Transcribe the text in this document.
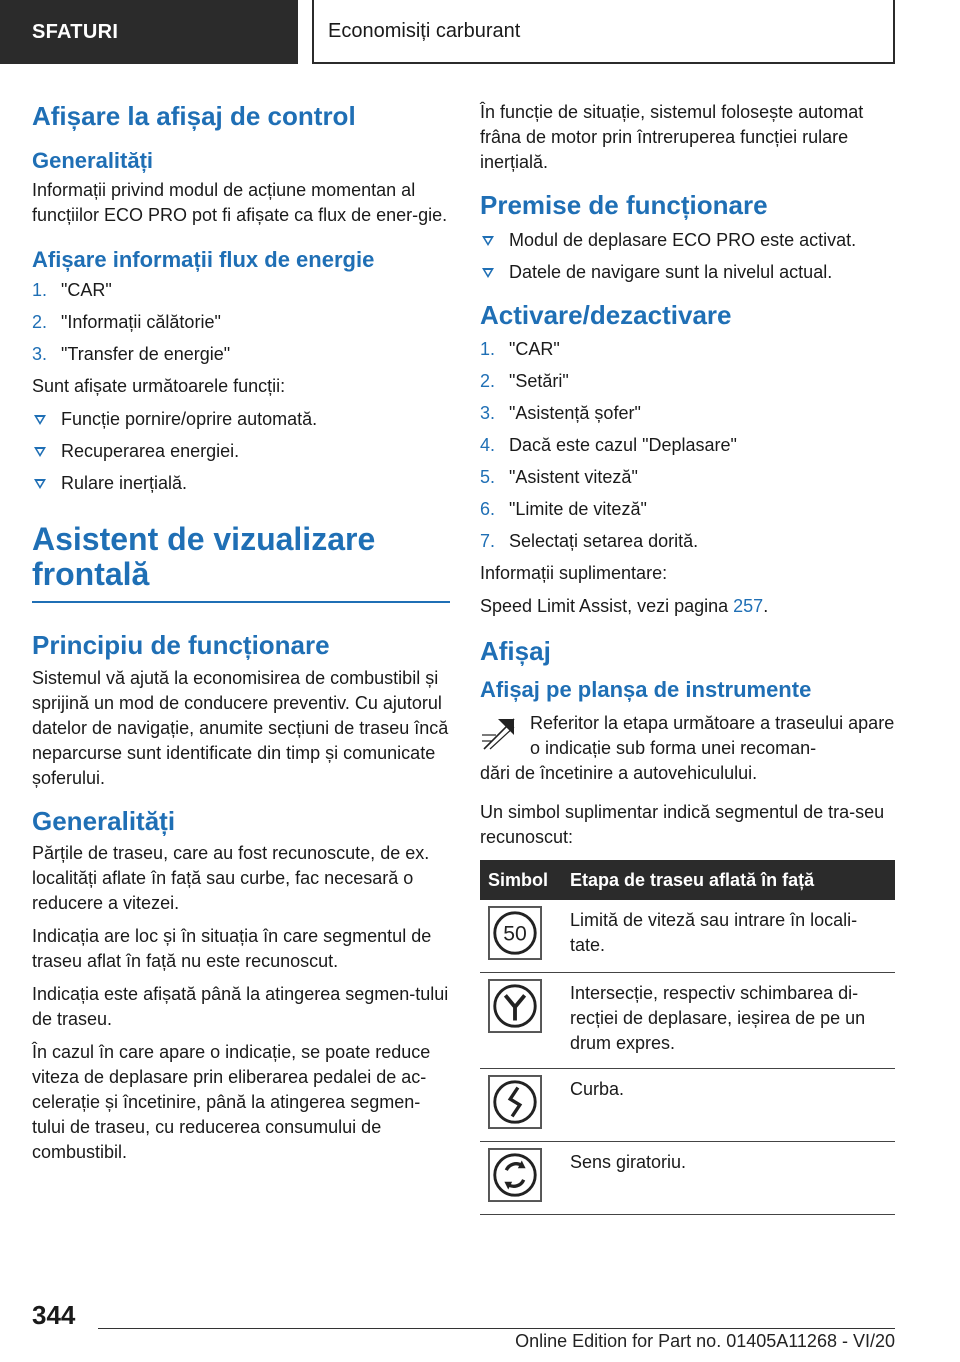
SFATURI	Economisiți carburant
Afișare la afișaj de control
Generalități

Informații privind modul de acțiune momentan al funcțiilor ECO PRO pot fi afișate ca flux de ener-gie.

Afișare informații flux de energie
1. "CAR"
2. "Informații călătorie"
3. "Transfer de energie"

Sunt afișate următoarele funcții:

Funcție pornire/oprire automată.
Recuperarea energiei.
Rulare inerțială.
Asistent de vizualizare frontală
Principiu de funcționare

Sistemul vă ajută la economisirea de combustibil și sprijină un mod de conducere preventiv. Cu ajutorul datelor de navigație, anumite secțiuni de traseu încă neparcurse sunt identificate din timp și comunicate șoferului.

Generalități

Părțile de traseu, care au fost recunoscute, de ex. localități aflate în față sau curbe, fac necesară o reducere a vitezei.

Indicația are loc și în situația în care segmentul de traseu aflat în față nu este recunoscut.

Indicația este afișată până la atingerea segmen-tului de traseu.

În cazul în care apare o indicație, se poate reduce viteza de deplasare prin eliberarea pedalei de ac-celerație și încetinire, până la atingerea segmen-tului de traseu, cu reducerea consumului de combustibil.

În funcție de situație, sistemul folosește automat frâna de motor prin întreruperea funcției rulare inerțială.

Premise de funcționare
Modul de deplasare ECO PRO este activat.
Datele de navigare sunt la nivelul actual.
Activare/dezactivare
1. "CAR"
2. "Setări"
3. "Asistență șofer"
4. Dacă este cazul "Deplasare"
5. "Asistent viteză"
6. "Limite de viteză"
7. Selectați setarea dorită.

Informații suplimentare:

Speed Limit Assist, vezi pagina 257.

Afișaj
Afișaj pe planșa de instrumente

Referitor la etapa următoare a traseului apare o indicație sub forma unei recoman-
dări de încetinire a autovehiculului.

Un simbol suplimentar indică segmentul de tra-seu recunoscut:

Simbol	Etapa de traseu aflată în față

50	Limită de viteză sau intrare în locali-tate.

	Intersecție, respectiv schimbarea di-recției de deplasare, ieșirea de pe un drum expres.

	Curba.

	Sens giratoriu.
344
Online Edition for Part no. 01405A11268 - VI/20
